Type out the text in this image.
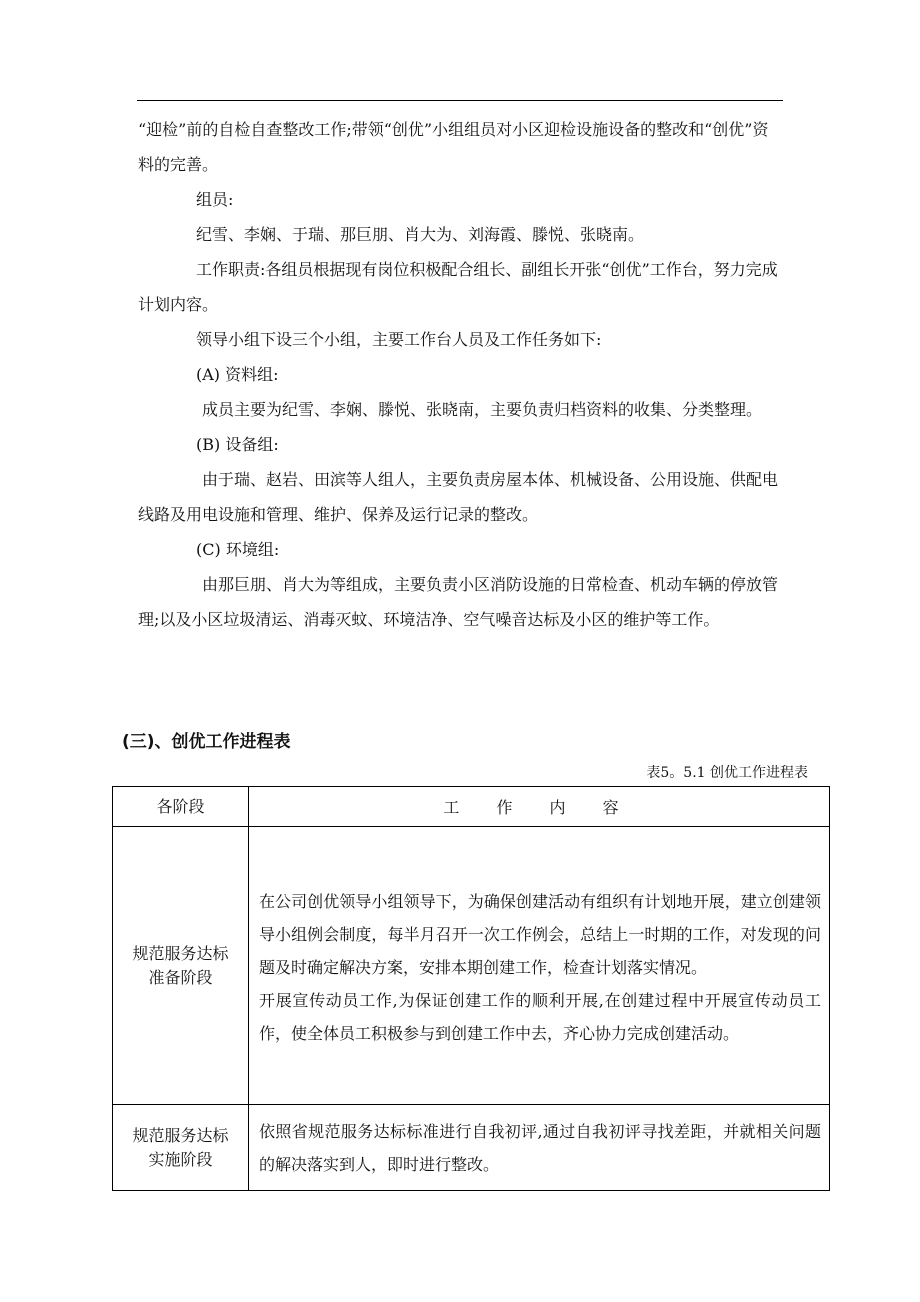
“迎检”前的自检自查整改工作;带领“创优”小组组员对小区迎检设施设备的整改和“创优”资料的完善。

组员:

纪雪、李娴、于瑞、那巨朋、肖大为、刘海霞、滕悦、张晓南。

工作职责:各组员根据现有岗位积极配合组长、副组长开张“创优”工作台，努力完成计划内容。

领导小组下设三个小组，主要工作台人员及工作任务如下:

(A) 资料组:

成员主要为纪雪、李娴、滕悦、张晓南，主要负责归档资料的收集、分类整理。

(B) 设备组:

由于瑞、赵岩、田滨等人组人，主要负责房屋本体、机械设备、公用设施、供配电线路及用电设施和管理、维护、保养及运行记录的整改。

(C) 环境组:

由那巨朋、肖大为等组成，主要负责小区消防设施的日常检查、机动车辆的停放管理;以及小区垃圾清运、消毒灭蚊、环境洁净、空气噪音达标及小区的维护等工作。

(三)、创优工作进程表
表5。5.1 创优工作进程表
各阶段	工 作 内 容

规范服务达标准备阶段	在公司创优领导小组领导下，为确保创建活动有组织有计划地开展，建立创建领导小组例会制度，每半月召开一次工作例会，总结上一时期的工作，对发现的问题及时确定解决方案，安排本期创建工作，检查计划落实情况。
开展宣传动员工作,为保证创建工作的顺利开展,在创建过程中开展宣传动员工作，使全体员工积极参与到创建工作中去，齐心协力完成创建活动。

规范服务达标实施阶段	依照省规范服务达标标准进行自我初评,通过自我初评寻找差距，并就相关问题的解决落实到人，即时进行整改。
